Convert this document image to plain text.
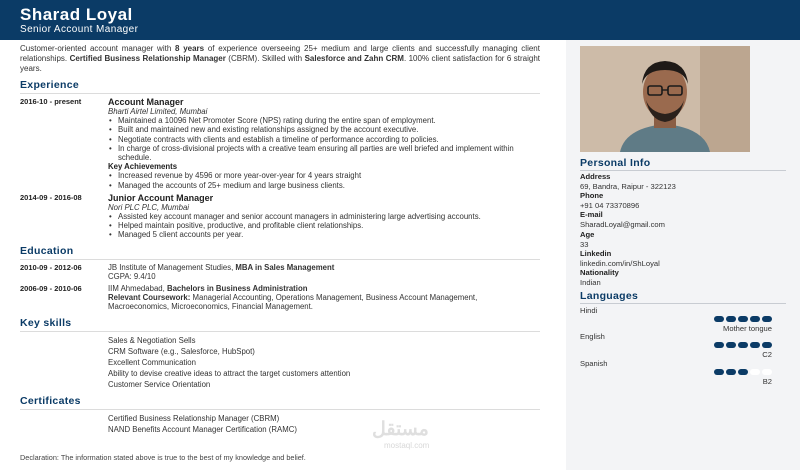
Sharad Loyal
Senior Account Manager
Customer-oriented account manager with 8 years of experience overseeing 25+ medium and large clients and successfully managing client relationships. Certified Business Relationship Manager (CBRM). Skilled with Salesforce and Zahn CRM. 100% client satisfaction for 6 straight years.
Experience
2016-10 - present	Account Manager
Bharti Airtel Limited, Mumbai
• Maintained a 10096 Net Promoter Score (NPS) rating during the entire span of employment.
• Built and maintained new and existing relationships assigned by the account executive.
• Negotiate contracts with clients and establish a timeline of performance according to policies.
• In charge of cross-divisional projects with a creative team ensuring all parties are well briefed and implement within schedule.
Key Achievements
• Increased revenue by 4596 or more year-over-year for 4 years straight
• Managed the accounts of 25+ medium and large business clients.
2014-09 - 2016-08	Junior Account Manager
Nori PLC PLC, Mumbai
• Assisted key account manager and senior account managers in administering large advertising accounts.
• Helped maintain positive, productive, and profitable client relationships.
• Managed 5 client accounts per year.
Education
2010-09 - 2012-06	JB Institute of Management Studies, MBA in Sales Management
CGPA: 9.4/10
2006-09 - 2010-06	IIM Ahmedabad, Bachelors in Business Administration
Relevant Coursework: Managerial Accounting, Operations Management, Business Account Management, Macroeconomics, Microeconomics, Financial Management.
Key skills
Sales & Negotiation Sells
CRM Software (e.g., Salesforce, HubSpot)
Excellent Communication
Ability to devise creative ideas to attract the target customers attention
Customer Service Orientation
Certificates
Certified Business Relationship Manager (CBRM)
NAND Benefits Account Manager Certification (RAMC)
Declaration: The information stated above is true to the best of my knowledge and belief.
Personal Info
Address
69, Bandra, Raipur - 322123
Phone
+91 04 73370896
E-mail
SharadLoyal@gmail.com
Age
33
Linkedin
linkedin.com/in/ShLoyal
Nationality
Indian
Languages
Hindi
Mother tongue
English
C2
Spanish
B2
مستقل
mostaql.com
